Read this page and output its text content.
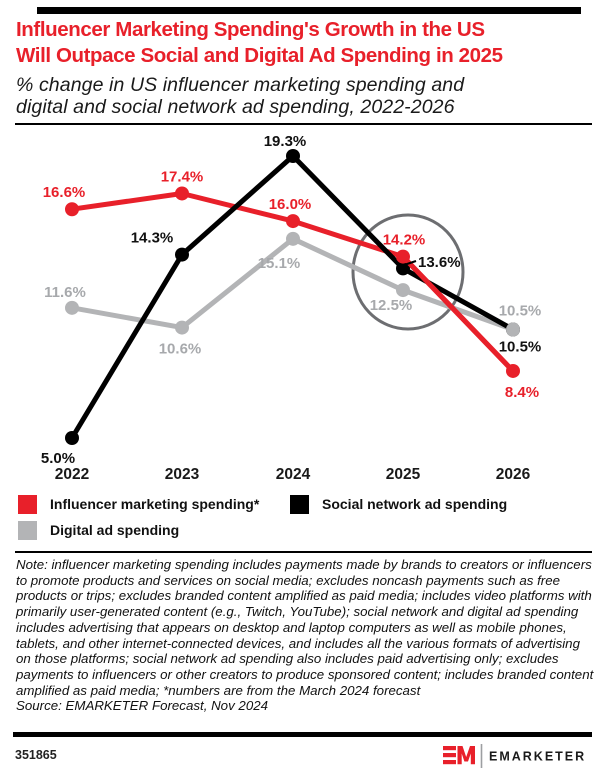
Influencer Marketing Spending's Growth in the US
Will Outpace Social and Digital Ad Spending in 2025
% change in US influencer marketing spending and
digital and social network ad spending, 2022-2026
16.6%
17.4%
16.0%
14.2%
8.4%
5.0%
14.3%
19.3%
13.6%
10.5%
11.6%
10.6%
15.1%
12.5%	10.5%
2022	2023	2024	2025	2026
Influencer marketing spending*	Social network ad spending
Digital ad spending
Note: influencer marketing spending includes payments made by brands to creators or influencers to promote products and services on social media; excludes noncash payments such as free products or trips; excludes branded content amplified as paid media; includes video platforms with primarily user-generated content (e.g., Twitch, YouTube); social network and digital ad spending includes advertising that appears on desktop and laptop computers as well as mobile phones, tablets, and other internet-connected devices, and includes all the various formats of advertising on those platforms; social network ad spending also includes paid advertising only; excludes payments to influencers or other creators to produce sponsored content; includes branded content amplified as paid media; *numbers are from the March 2024 forecast
Source: EMARKETER Forecast, Nov 2024
351865	EMARKETER
